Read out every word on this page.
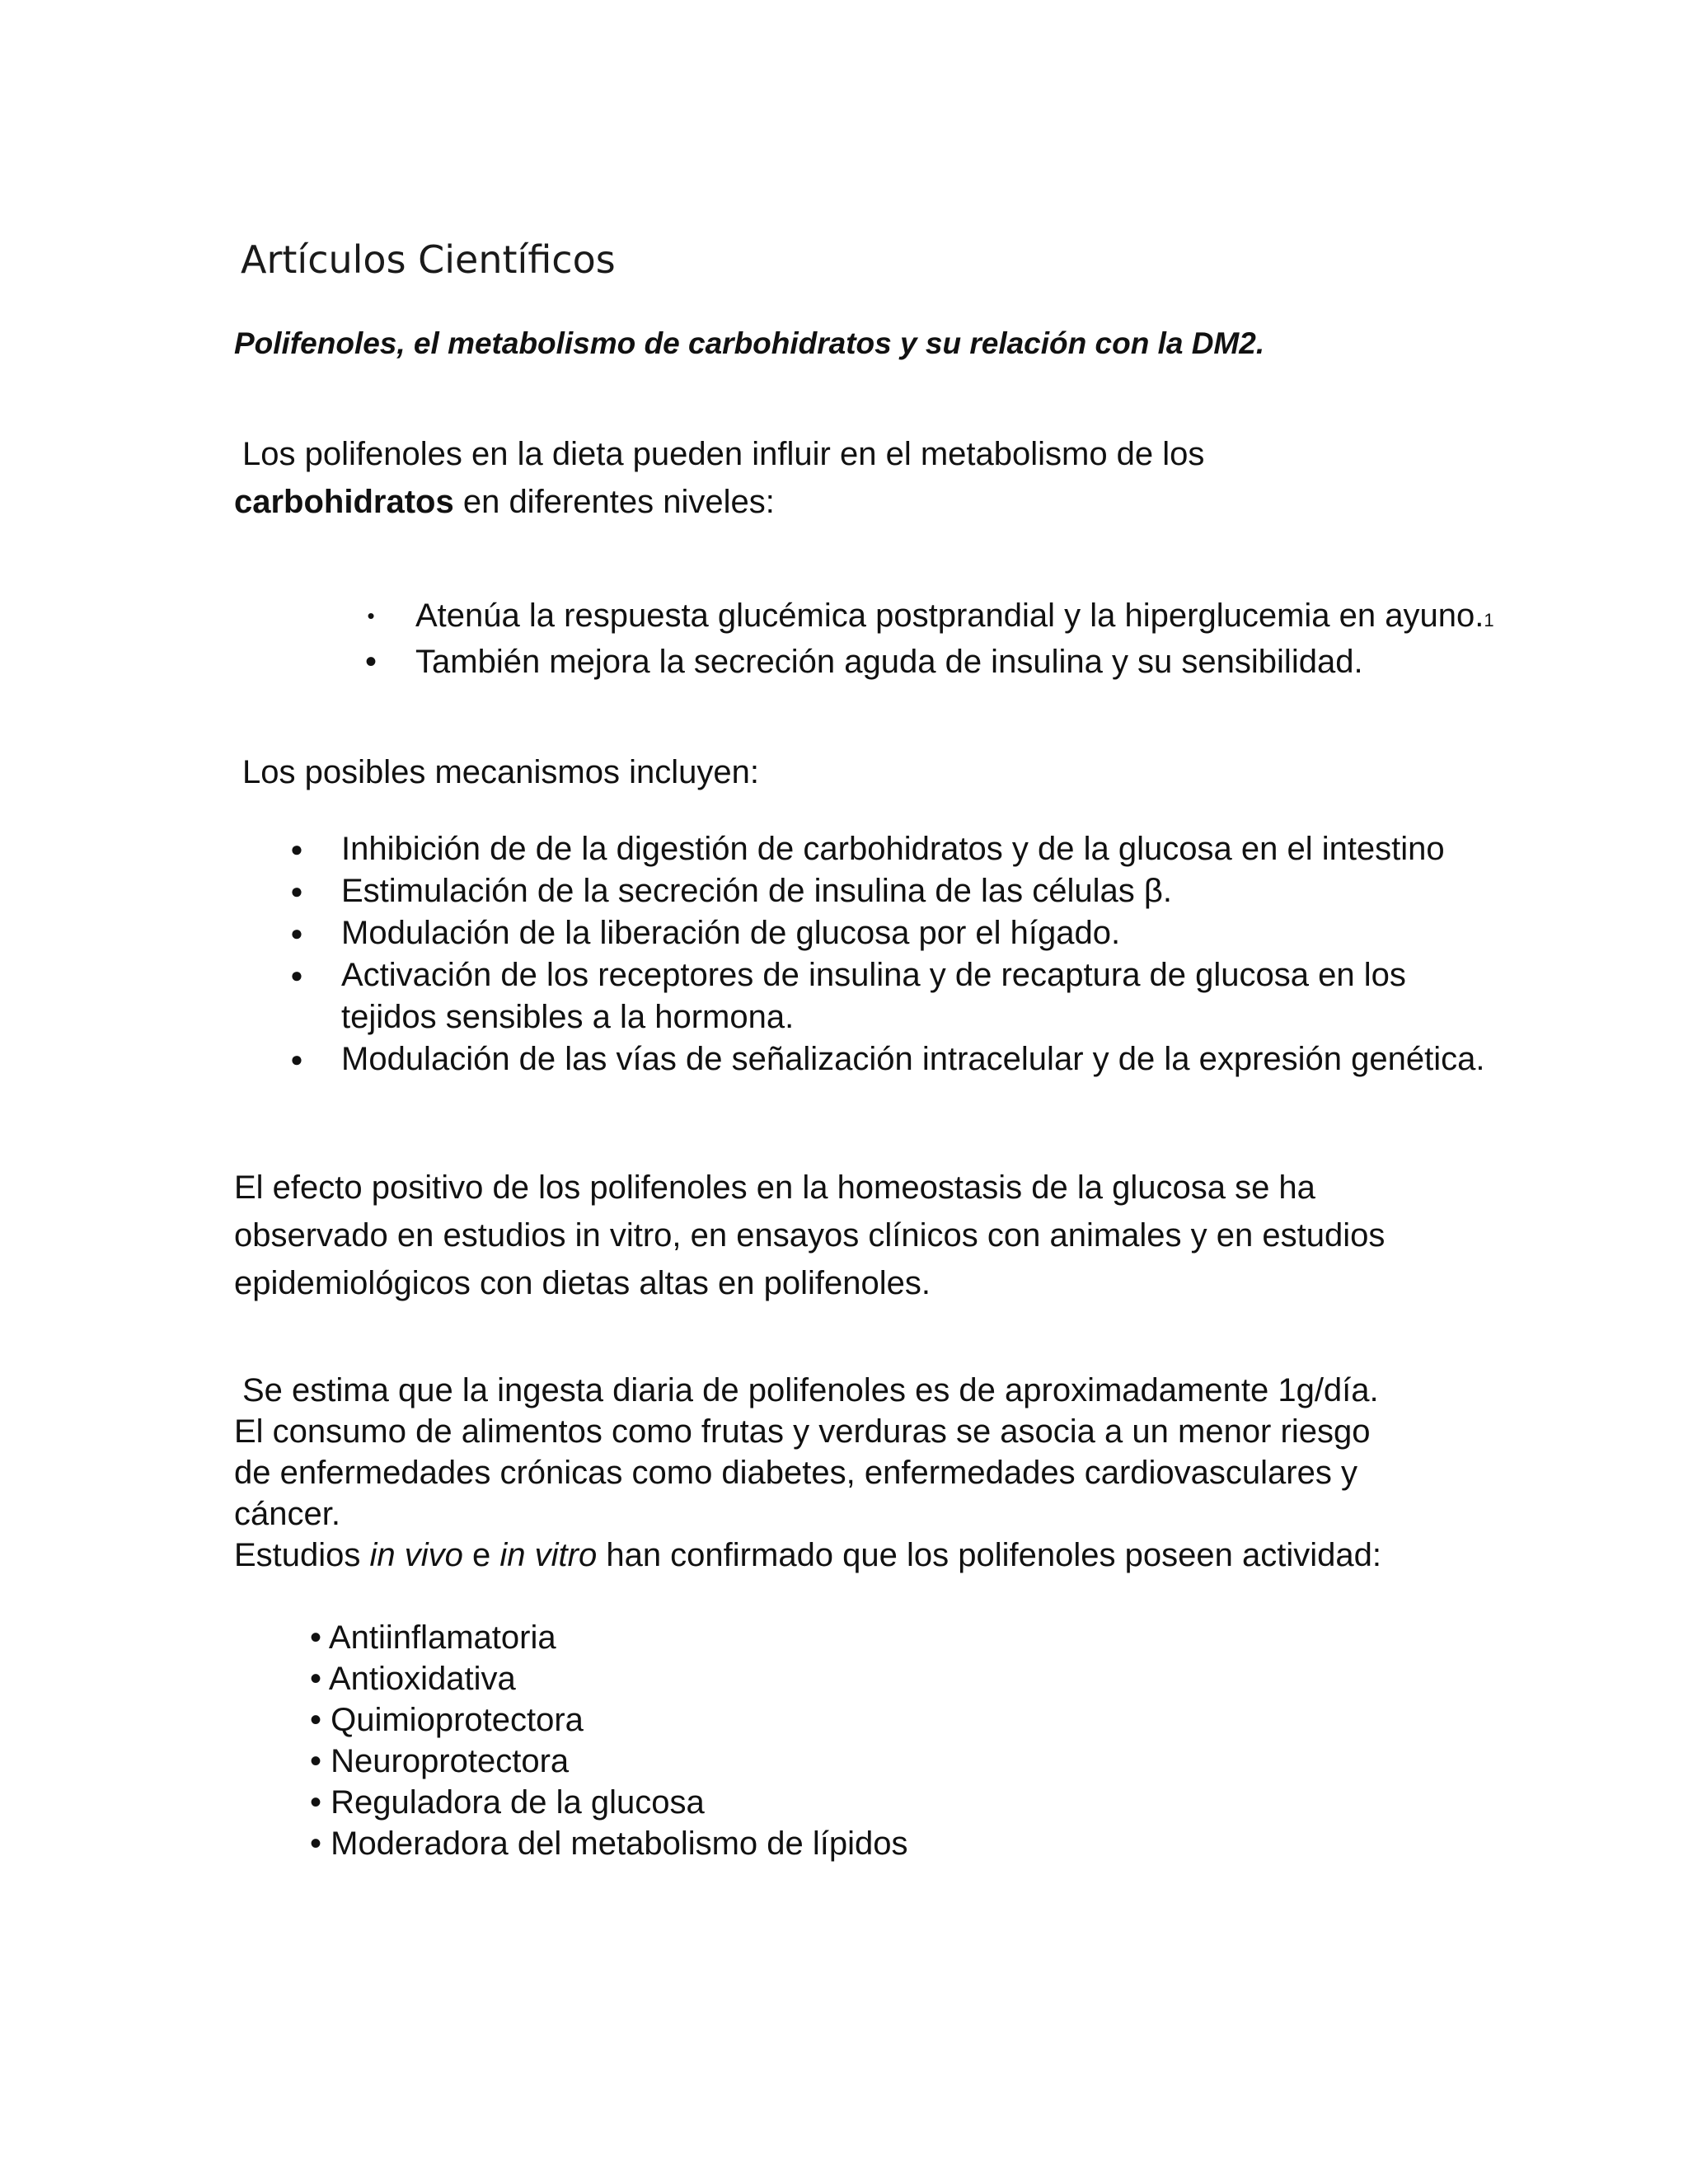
Artículos Científicos

Polifenoles, el metabolismo de carbohidratos y su relación con la DM2.

Los polifenoles en la dieta pueden influir en el metabolismo de los
carbohidratos en diferentes niveles:

• Atenúa la respuesta glucémica postprandial y la hiperglucemia en ayuno.1
• También mejora la secreción aguda de insulina y su sensibilidad.

Los posibles mecanismos incluyen:

● Inhibición de de la digestión de carbohidratos y de la glucosa en el intestino
● Estimulación de la secreción de insulina de las células β.
● Modulación de la liberación de glucosa por el hígado.
● Activación de los receptores de insulina y de recaptura de glucosa en los tejidos sensibles a la hormona.
● Modulación de las vías de señalización intracelular y de la expresión genética.

El efecto positivo de los polifenoles en la homeostasis de la glucosa se ha observado en estudios in vitro, en ensayos clínicos con animales y en estudios epidemiológicos con dietas altas en polifenoles.

Se estima que la ingesta diaria de polifenoles es de aproximadamente 1g/día. El consumo de alimentos como frutas y verduras se asocia a un menor riesgo de enfermedades crónicas como diabetes, enfermedades cardiovasculares y cáncer.

Estudios in vivo e in vitro han confirmado que los polifenoles poseen actividad:

• Antiinflamatoria
• Antioxidativa
• Quimioprotectora
• Neuroprotectora
• Reguladora de la glucosa
• Moderadora del metabolismo de lípidos
